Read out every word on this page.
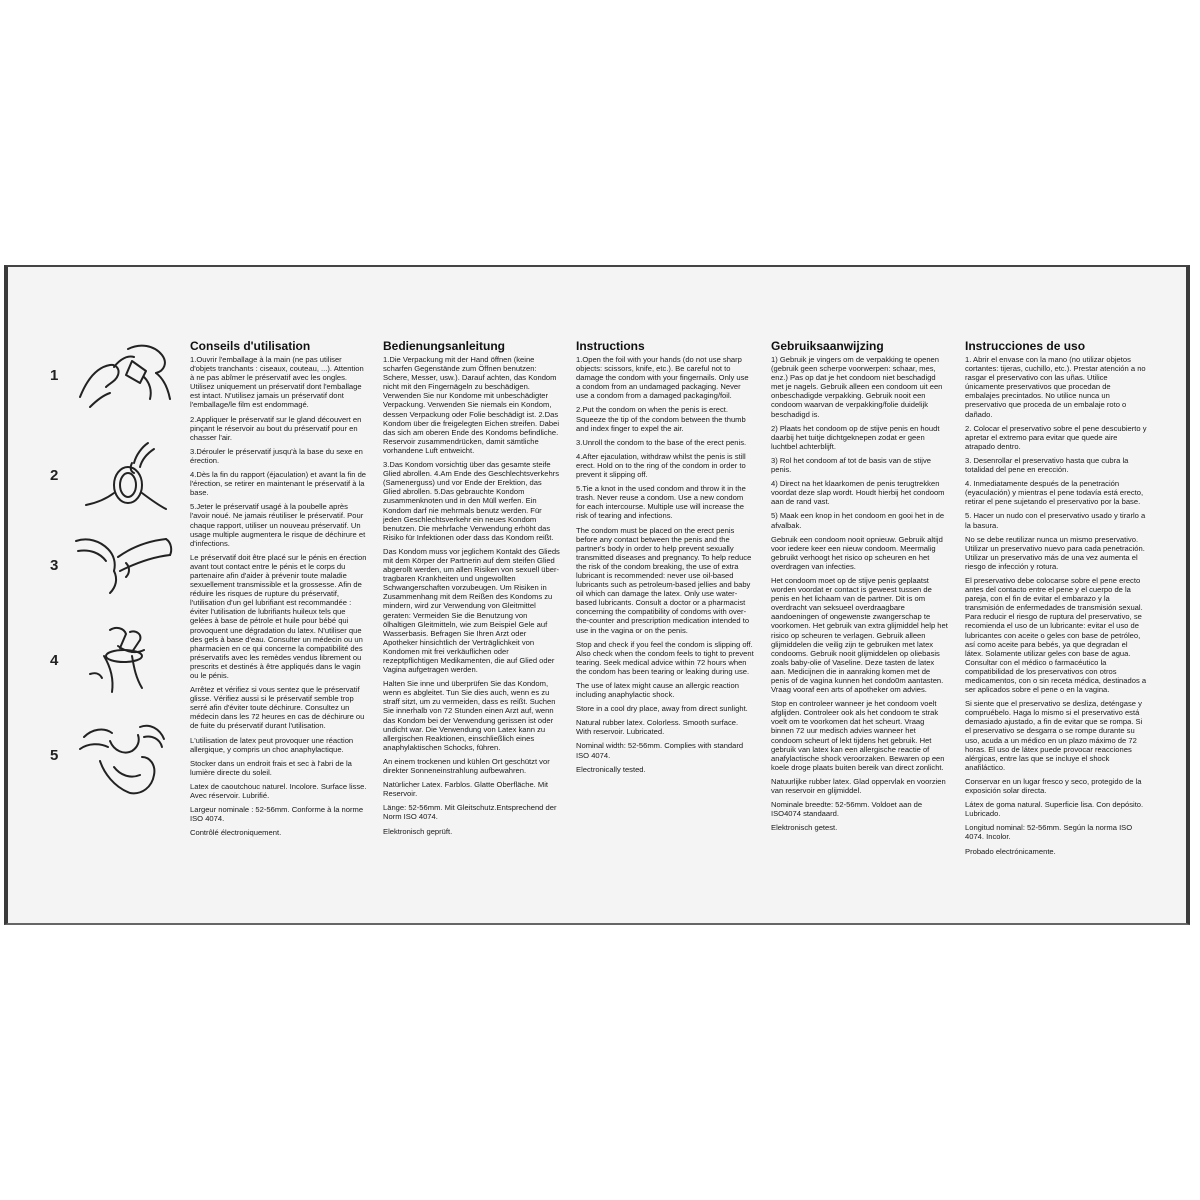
1
2
3
4
5
Conseils d'utilisation

1.Ouvrir l'emballage à la main (ne pas utiliser d'objets tranchants : ciseaux, couteau, ...). Attention à ne pas abîmer le préservatif avec les ongles. Utilisez uniquement un préservatif dont l'emballage est intact. N'utilisez jamais un préservatif dont l'emballage/le film est endommagé.

2.Appliquer le préservatif sur le gland découvert en pinçant le réservoir au bout du préservatif pour en chasser l'air.

3.Dérouler le préservatif jusqu'à la base du sexe en érection.

4.Dès la fin du rapport (éjaculation) et avant la fin de l'érection, se retirer en maintenant le préservatif à la base.

5.Jeter le préservatif usagé à la poubelle après l'avoir noué. Ne jamais réutiliser le préservatif. Pour chaque rapport, utiliser un nouveau préservatif. Un usage multiple augmentera le risque de déchirure et d'infections.

Le préservatif doit être placé sur le pénis en érection avant tout contact entre le pénis et le corps du partenaire afin d'aider à prévenir toute maladie sexuellement transmissible et la grossesse. Afin de réduire les risques de rupture du préservatif, l'utilisation d'un gel lubrifiant est recommandée : éviter l'utilisation de lubrifiants huileux tels que gelées à base de pétrole et huile pour bébé qui provoquent une dégradation du latex. N'utiliser que des gels à base d'eau. Consulter un médecin ou un pharmacien en ce qui concerne la compatibilité des préservatifs avec les remèdes vendus librement ou prescrits et destinés à être appliqués dans le vagin ou le pénis.

Arrêtez et vérifiez si vous sentez que le préservatif glisse. Vérifiez aussi si le préservatif semble trop serré afin d'éviter toute déchirure. Consultez un médecin dans les 72 heures en cas de déchirure ou de fuite du préservatif durant l'utilisation.

L'utilisation de latex peut provoquer une réaction allergique, y compris un choc anaphylactique.

Stocker dans un endroit frais et sec à l'abri de la lumière directe du soleil.

Latex de caoutchouc naturel. Incolore. Surface lisse. Avec réservoir. Lubrifié.

Largeur nominale : 52-56mm. Conforme à la norme ISO 4074.

Contrôlé électroniquement.

Bedienungsanleitung

1.Die Verpackung mit der Hand öffnen (keine scharfen Gegenstände zum Öffnen benutzen: Schere, Messer, usw.). Darauf achten, das Kondom nicht mit den Fingernägeln zu beschädigen. Verwenden Sie nur Kondome mit unbeschädigter Verpackung. Verwenden Sie niemals ein Kondom, dessen Verpackung oder Folie beschädigt ist. 2.Das Kondom über die freigelegten Eichen streifen. Dabei das sich am oberen Ende des Kondoms befindliche. Reservoir zusammendrücken, damit sämtliche vorhandene Luft entweicht.

3.Das Kondom vorsichtig über das gesamte steife Glied abrollen. 4.Am Ende des Geschlechtsverkehrs (Samenerguss) und vor Ende der Erektion, das Glied abrollen. 5.Das gebrauchte Kondom zusammenknoten und in den Müll werfen. Ein Kondom darf nie mehrmals benutz werden. Für jeden Geschlechtsverkehr ein neues Kondom benutzen. Die mehrfache Verwendung erhöht das Risiko für Infektionen oder dass das Kondom reißt.

Das Kondom muss vor jeglichem Kontakt des Glieds mit dem Körper der Partnerin auf dem steifen Glied abgerollt werden, um allen Risiken von sexuell über- tragbaren Krankheiten und ungewollten Schwangerschaften vorzubeugen. Um Risiken in Zusammenhang mit dem Reißen des Kondoms zu mindern, wird zur Verwendung von Gleitmittel geraten: Vermeiden Sie die Benutzung von ölhaltigen Gleitmitteln, wie zum Beispiel Gele auf Wasserbasis. Befragen Sie Ihren Arzt oder Apotheker hinsichtlich der Verträglichkeit von Kondomen mit frei verkäuflichen oder rezeptpflichtigen Medikamenten, die auf Glied oder Vagina aufgetragen werden.

Halten Sie inne und überprüfen Sie das Kondom, wenn es abgleitet. Tun Sie dies auch, wenn es zu straff sitzt, um zu vermeiden, dass es reißt. Suchen Sie innerhalb von 72 Stunden einen Arzt auf, wenn das Kondom bei der Verwendung gerissen ist oder undicht war. Die Verwendung von Latex kann zu allergischen Reaktionen, einschließlich eines anaphylaktischen Schocks, führen.

An einem trockenen und kühlen Ort geschützt vor direkter Sonneneinstrahlung aufbewahren.

Natürlicher Latex. Farblos. Glatte Oberfläche. Mit Reservoir.

Länge: 52-56mm. Mit Gleitschutz.Entsprechend der Norm ISO 4074.

Elektronisch geprüft.

Instructions

1.Open the foil with your hands (do not use sharp objects: scissors, knife, etc.). Be careful not to damage the condom with your fingernails. Only use a condom from an undamaged packaging. Never use a condom from a damaged packaging/foil.

2.Put the condom on when the penis is erect. Squeeze the tip of the condom between the thumb and index finger to expel the air.

3.Unroll the condom to the base of the erect penis.

4.After ejaculation, withdraw whilst the penis is still erect. Hold on to the ring of the condom in order to prevent it slipping off.

5.Tie a knot in the used condom and throw it in the trash. Never reuse a condom. Use a new condom for each intercourse. Multiple use will increase the risk of tearing and infections.

The condom must be placed on the erect penis before any contact between the penis and the partner's body in order to help prevent sexually transmitted diseases and pregnancy. To help reduce the risk of the condom breaking, the use of extra lubricant is recommended: never use oil-based lubricants such as petroleum-based jellies and baby oil which can damage the latex. Only use water-based lubricants. Consult a doctor or a pharmacist concerning the compatibility of condoms with over-the-counter and prescription medication intended to use in the vagina or on the penis.

Stop and check if you feel the condom is slipping off. Also check when the condom feels to tight to prevent tearing. Seek medical advice within 72 hours when the condom has been tearing or leaking during use.

The use of latex might cause an allergic reaction including anaphylactic shock.

Store in a cool dry place, away from direct sunlight.

Natural rubber latex. Colorless. Smooth surface. With reservoir. Lubricated.

Nominal width: 52-56mm. Complies with standard ISO 4074.

Electronically tested.

Gebruiksaanwijzing

1) Gebruik je vingers om de verpakking te openen (gebruik geen scherpe voorwerpen: schaar, mes, enz.) Pas op dat je het condoom niet beschadigd met je nagels. Gebruik alleen een condoom uit een onbeschadigde verpakking. Gebruik nooit een condoom waarvan de verpakking/folie duidelijk beschadigd is.

2) Plaats het condoom op de stijve penis en houdt daarbij het tuitje dichtgeknepen zodat er geen luchtbel achterblijft.

3) Rol het condoom af tot de basis van de stijve penis.

4) Direct na het klaarkomen de penis terugtrekken voordat deze slap wordt. Houdt hierbij het condoom aan de rand vast.

5) Maak een knop in het condoom en gooi het in de afvalbak.

Gebruik een condoom nooit opnieuw. Gebruik altijd voor iedere keer een nieuw condoom. Meermalig gebruikt verhoogt het risico op scheuren en het overdragen van infecties.

Het condoom moet op de stijve penis geplaatst worden voordat er contact is geweest tussen de penis en het lichaam van de partner. Dit is om overdracht van seksueel overdraagbare aandoeningen of ongewenste zwangerschap te voorkomen. Het gebruik van extra glijmiddel help het risico op scheuren te verlagen. Gebruik alleen glijmiddelen die veilig zijn te gebruiken met latex condooms. Gebruik nooit glijmiddelen op oliebasis zoals baby-olie of Vaseline. Deze tasten de latex aan. Medicijnen die in aanraking komen met de penis of de vagina kunnen het condo0m aantasten. Vraag vooraf een arts of apotheker om advies.

Stop en controleer wanneer je het condoom voelt afglijden. Controleer ook als het condoom te strak voelt om te voorkomen dat het scheurt. Vraag binnen 72 uur medisch advies wanneer het condoom scheurt of lekt tijdens het gebruik. Het gebruik van latex kan een allergische reactie of anafylactische shock veroorzaken. Bewaren op een koele droge plaats buiten bereik van direct zonlicht.

Natuurlijke rubber latex. Glad oppervlak en voorzien van reservoir en glijmiddel.

Nominale breedte: 52-56mm. Voldoet aan de ISO4074 standaard.

Elektronisch getest.

Instrucciones de uso

1. Abrir el envase con la mano (no utilizar objetos cortantes: tijeras, cuchillo, etc.). Prestar atención a no rasgar el preservativo con las uñas. Utilice únicamente preservativos que procedan de embalajes precintados. No utilice nunca un preservativo que proceda de un embalaje roto o dañado.

2. Colocar el preservativo sobre el pene descubierto y apretar el extremo para evitar que quede aire atrapado dentro.

3. Desenrollar el preservativo hasta que cubra la totalidad del pene en erección.

4. Inmediatamente después de la penetración (eyaculación) y mientras el pene todavía está erecto, retirar el pene sujetando el preservativo por la base.

5. Hacer un nudo con el preservativo usado y tirarlo a la basura.

No se debe reutilizar nunca un mismo preservativo. Utilizar un preservativo nuevo para cada penetración. Utilizar un preservativo más de una vez aumenta el riesgo de infección y rotura.

El preservativo debe colocarse sobre el pene erecto antes del contacto entre el pene y el cuerpo de la pareja, con el fin de evitar el embarazo y la transmisión de enfermedades de transmisión sexual. Para reducir el riesgo de ruptura del preservativo, se recomienda el uso de un lubricante: evitar el uso de lubricantes con aceite o geles con base de petróleo, así como aceite para bebés, ya que degradan el látex. Solamente utilizar geles con base de agua. Consultar con el médico o farmacéutico la compatibilidad de los preservativos con otros medicamentos, con o sin receta médica, destinados a ser aplicados sobre el pene o en la vagina.

Si siente que el preservativo se desliza, deténgase y compruébelo. Haga lo mismo si el preservativo está demasiado ajustado, a fin de evitar que se rompa. Si el preservativo se desgarra o se rompe durante su uso, acuda a un médico en un plazo máximo de 72 horas. El uso de látex puede provocar reacciones alérgicas, entre las que se incluye el shock anafiláctico.

Conservar en un lugar fresco y seco, protegido de la exposición solar directa.

Látex de goma natural. Superficie lisa. Con depósito. Lubricado.

Longitud nominal: 52-56mm. Según la norma ISO 4074. Incolor.

Probado electrónicamente.
